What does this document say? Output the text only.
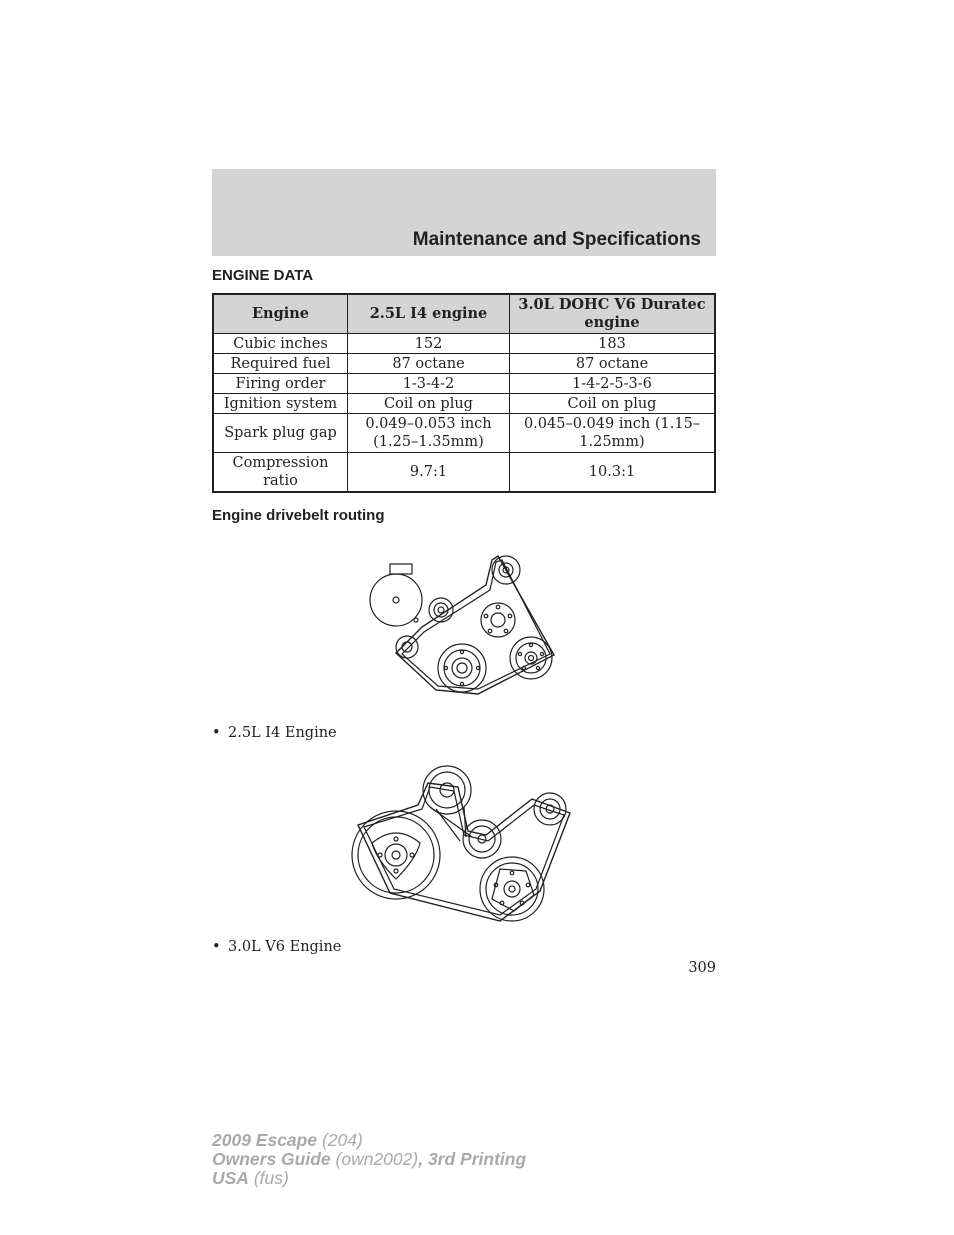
Maintenance and Specifications
ENGINE DATA
Engine	2.5L I4 engine	3.0L DOHC V6 Duratec engine
Cubic inches	152	183
Required fuel	87 octane	87 octane
Firing order	1-3-4-2	1-4-2-5-3-6
Ignition system	Coil on plug	Coil on plug
Spark plug gap	0.049–0.053 inch (1.25–1.35mm)	0.045–0.049 inch (1.15–1.25mm)
Compression ratio	9.7:1	10.3:1
Engine drivebelt routing
• 2.5L I4 Engine
• 3.0L V6 Engine
309
2009 Escape (204)
Owners Guide (own2002), 3rd Printing
USA (fus)
